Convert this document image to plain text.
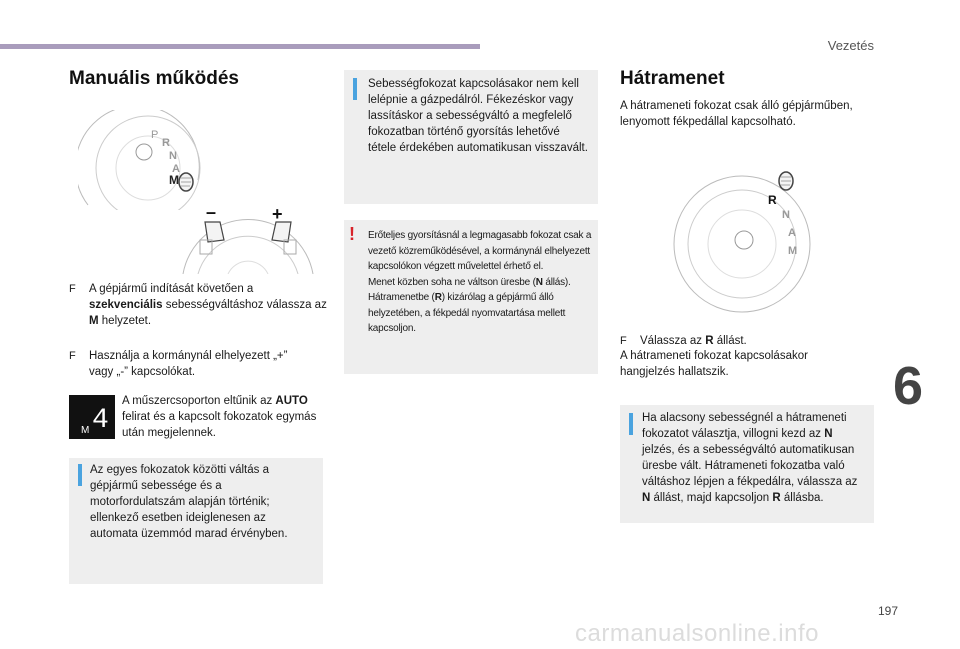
Vezetés
Manuális működés
P
R
N
A
M
–	+
F A gépjármű indítását követően a
szekvenciális sebességváltáshoz válassza az M helyzetet.
F Használja a kormánynál elhelyezett „+” vagy „-” kapcsolókat.
M 4
A műszercsoporton eltűnik az AUTO felirat és a kapcsolt fokozatok egymás után megjelennek.
Az egyes fokozatok közötti váltás a gépjármű sebessége és a motorfordulatszám alapján történik; ellenkező esetben ideiglenesen az automata üzemmód marad érvényben.
Sebességfokozat kapcsolásakor nem kell lelépnie a gázpedálról. Fékezéskor vagy lassításkor a sebességváltó a megfelelő fokozatban történő gyorsítás lehetővé tétele érdekében automatikusan visszavált.
! Erőteljes gyorsításnál a legmagasabb fokozat csak a vezető közreműködésével, a kormánynál elhelyezett kapcsolókon végzett művelettel érhető el.
Menet közben soha ne váltson üresbe (N állás).
Hátramenetbe (R) kizárólag a gépjármű álló helyzetében, a fékpedál nyomvatartása mellett kapcsoljon.
Hátramenet
A hátrameneti fokozat csak álló gépjárműben, lenyomott fékpedállal kapcsolható.
R
N
A
M
F Válassza az R állást.
A hátrameneti fokozat kapcsolásakor hangjelzés hallatszik.
Ha alacsony sebességnél a hátrameneti fokozatot választja, villogni kezd az N jelzés, és a sebességváltó automatikusan üresbe vált. Hátrameneti fokozatba való váltáshoz lépjen a fékpedálra, válassza az N állást, majd kapcsoljon R állásba.
6
197
carmanualsonline.info
